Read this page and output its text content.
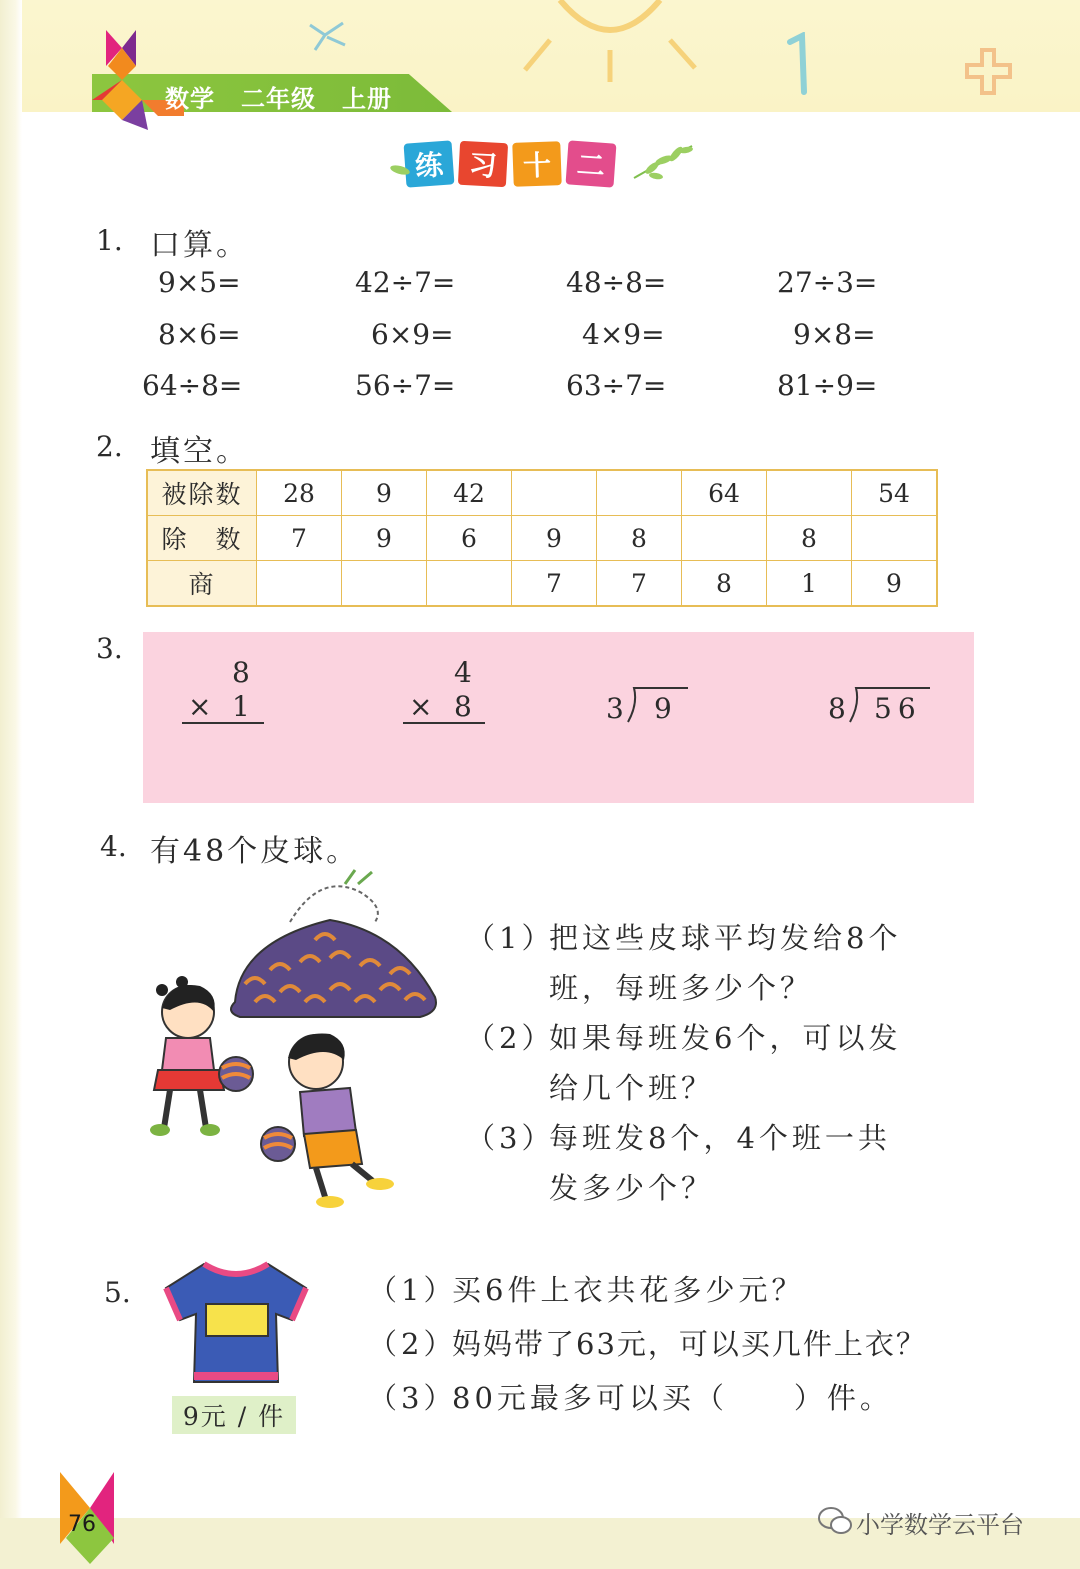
数学 二年级 上册
练 习 十 二
1. 口算。
9×5=	42÷7=	48÷8=	27÷3=
8×6=	6×9=	4×9=	9×8=
64÷8=	56÷7=	63÷7=	81÷9=
2. 填空。
被除数	28	9	42			64		54
除　数	7	9	6	9	8		8	
商				7	7	8	1	9
3.
8
× 1
4
× 8	3 9	8 56
4. 有48个皮球。
（1）
把这些皮球平均发给8个
班，每班多少个？
（2）
如果每班发6个，可以发
给几个班？
（3）
每班发8个，4个班一共
发多少个？
5.
9元 / 件
（1）
买6件上衣共花多少元？
（2）
妈妈带了63元，可以买几件上衣？
（3）
80元最多可以买（　　）件。
76	小学数学云平台
